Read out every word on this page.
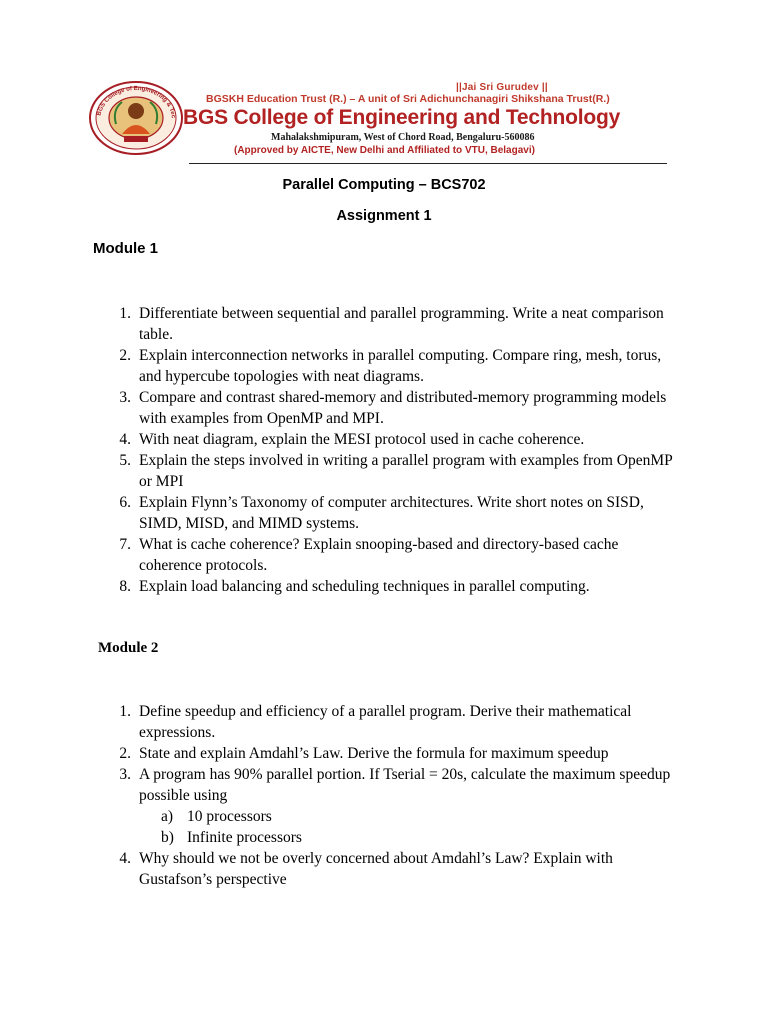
BGS College of Engineering & Tec
||Jai Sri Gurudev ||
BGSKH Education Trust (R.) – A unit of Sri Adichunchanagiri Shikshana Trust(R.)
BGS College of Engineering and Technology
Mahalakshmipuram, West of Chord Road, Bengaluru-560086
(Approved by AICTE, New Delhi and Affiliated to VTU, Belagavi)
Parallel Computing – BCS702
Assignment 1
Module 1
1. Differentiate between sequential and parallel programming. Write a neat comparison table.
2. Explain interconnection networks in parallel computing. Compare ring, mesh, torus, and hypercube topologies with neat diagrams.
3. Compare and contrast shared-memory and distributed-memory programming models with examples from OpenMP and MPI.
4. With neat diagram, explain the MESI protocol used in cache coherence.
5. Explain the steps involved in writing a parallel program with examples from OpenMP or MPI
6. Explain Flynn’s Taxonomy of computer architectures. Write short notes on SISD, SIMD, MISD, and MIMD systems.
7. What is cache coherence? Explain snooping-based and directory-based cache coherence protocols.
8. Explain load balancing and scheduling techniques in parallel computing.
Module 2
1. Define speedup and efficiency of a parallel program. Derive their mathematical expressions.
2. State and explain Amdahl’s Law. Derive the formula for maximum speedup
3. A program has 90% parallel portion. If Tserial = 20s, calculate the maximum speedup possible using
a) 10 processors
b) Infinite processors
4. Why should we not be overly concerned about Amdahl’s Law? Explain with Gustafson’s perspective
